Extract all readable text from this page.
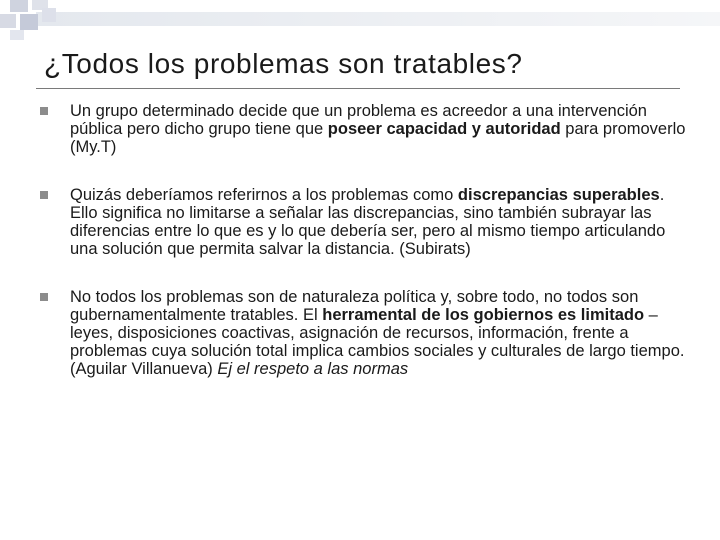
¿Todos los problemas son tratables?
Un grupo determinado decide que un problema es acreedor a una intervención pública pero dicho grupo tiene que poseer capacidad y autoridad para promoverlo (My.T)
Quizás deberíamos referirnos a los problemas como discrepancias superables. Ello significa no limitarse a señalar las discrepancias, sino también subrayar las diferencias entre lo que es y lo que debería ser, pero al mismo tiempo articulando una solución que permita salvar la distancia. (Subirats)
No todos los problemas son de naturaleza política y, sobre todo, no todos son gubernamentalmente tratables. El herramental de los gobiernos es limitado – leyes, disposiciones coactivas, asignación de recursos, información, frente a problemas cuya solución total implica cambios sociales y culturales de largo tiempo. (Aguilar Villanueva) Ej el respeto a las normas
